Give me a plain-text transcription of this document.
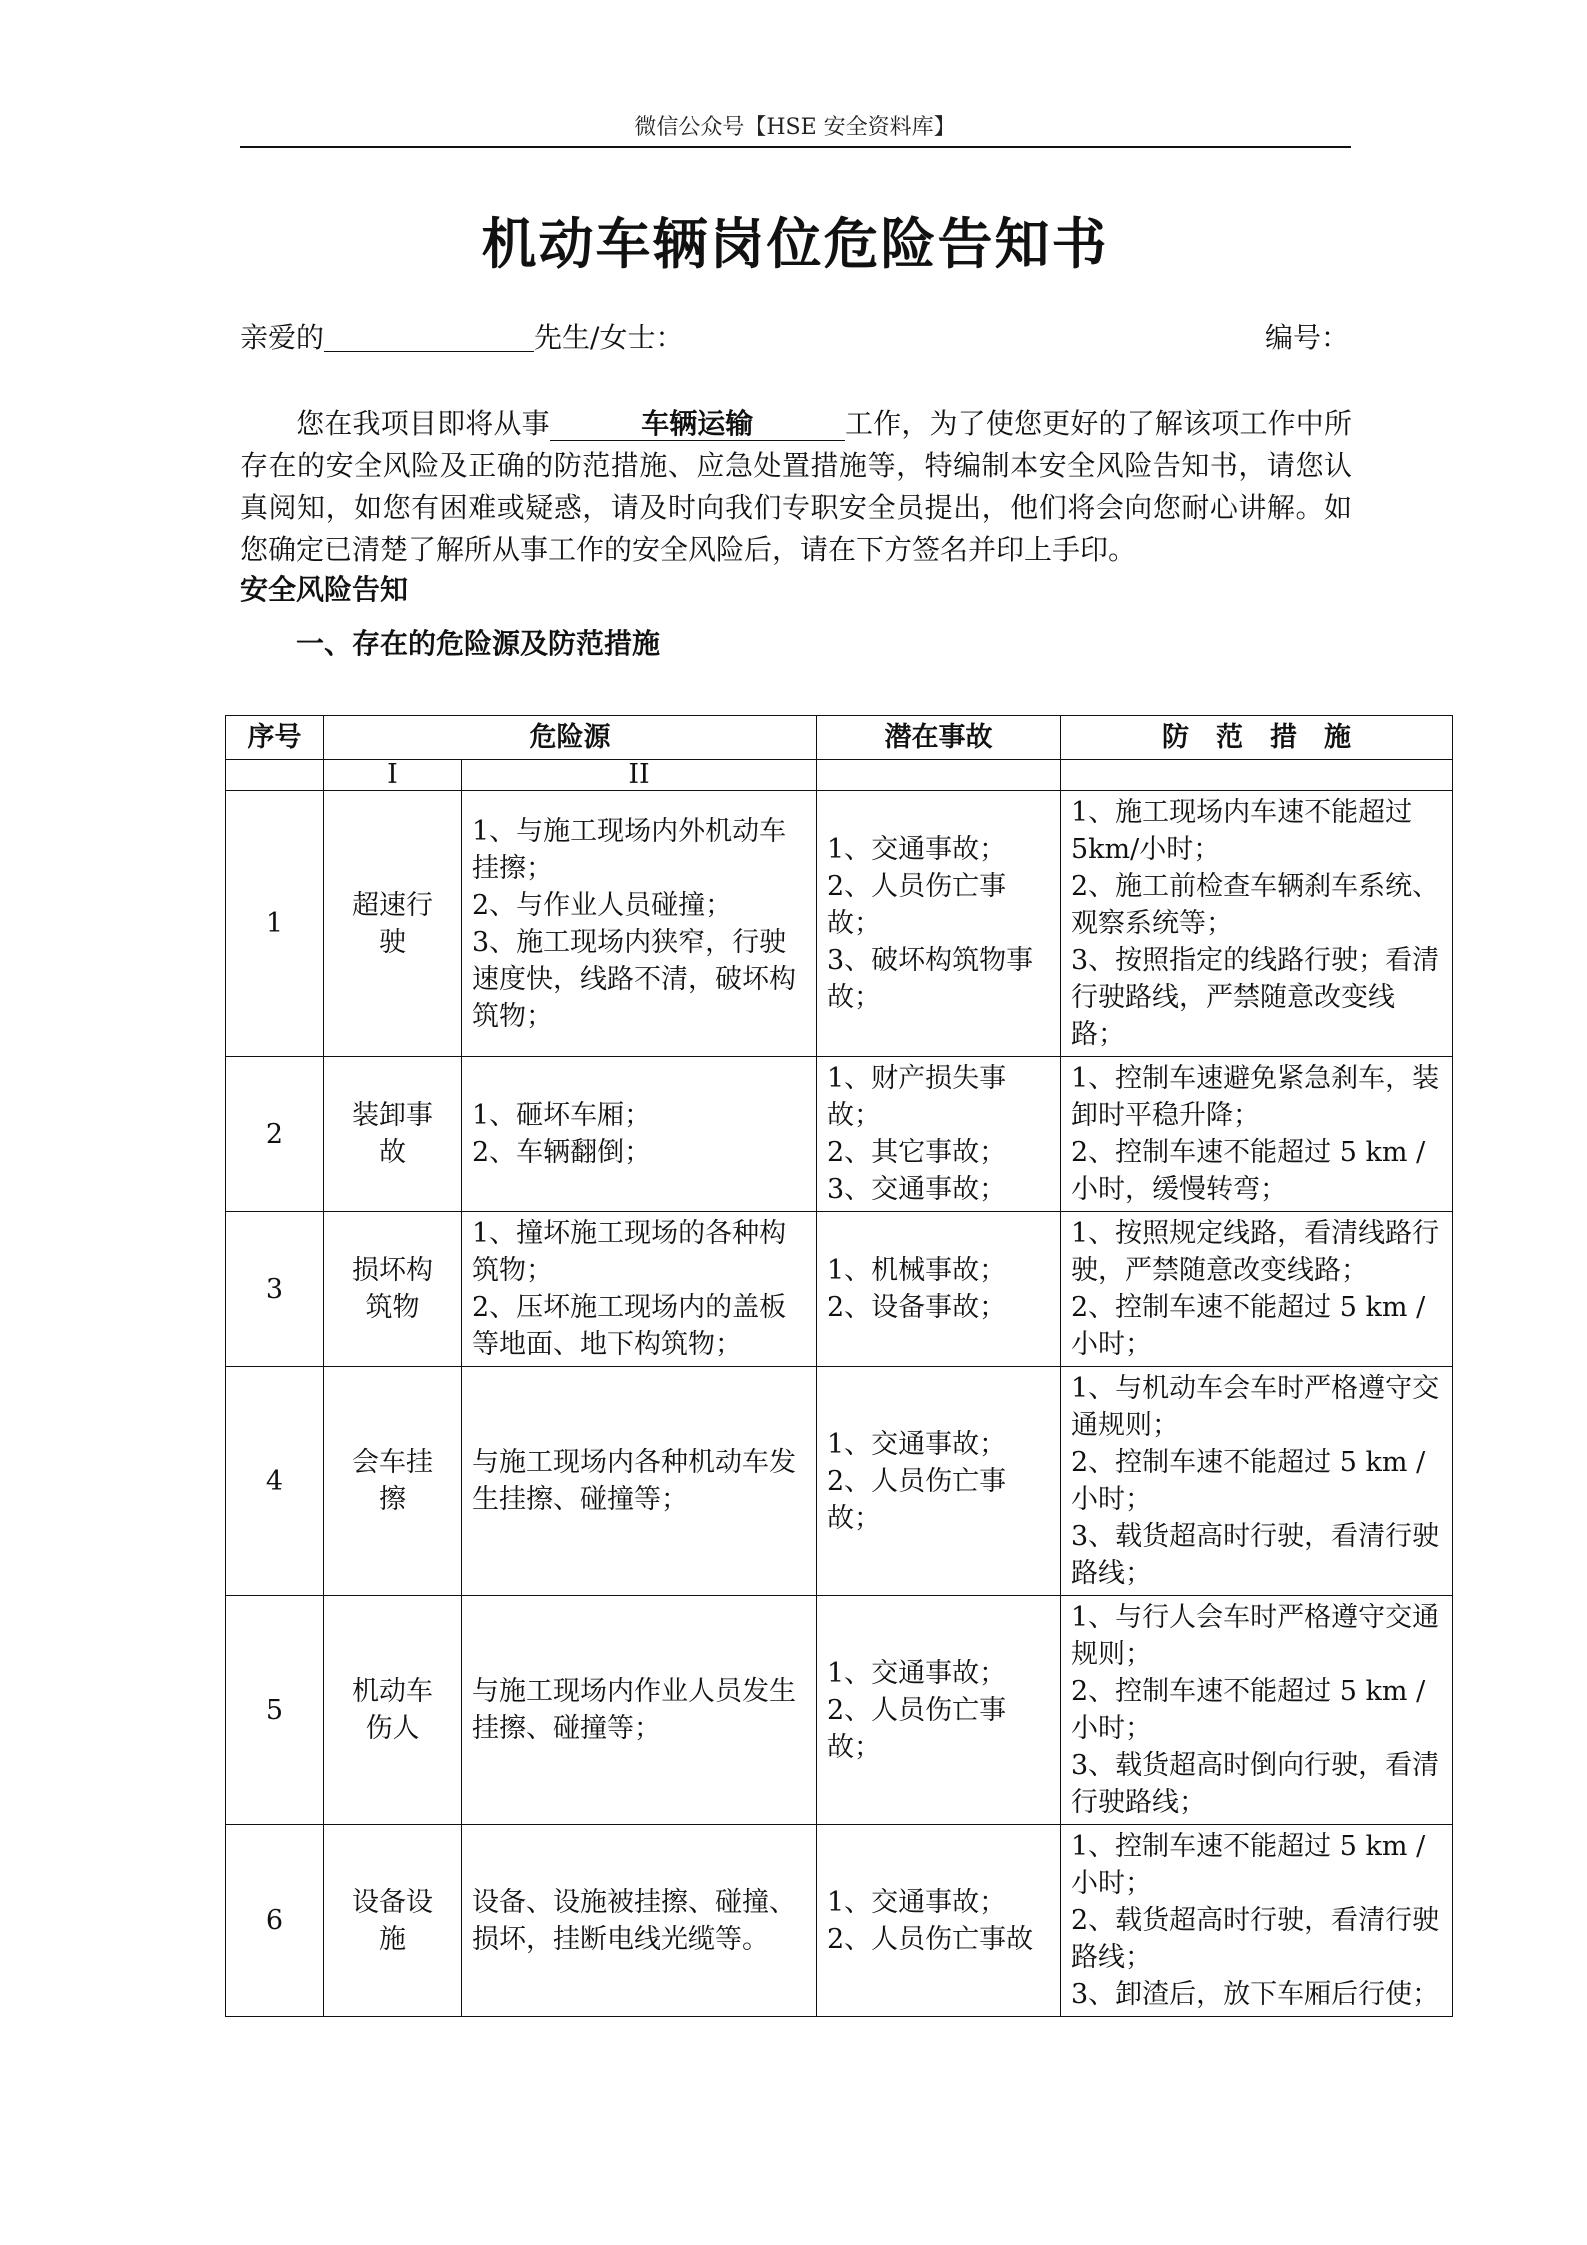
微信公众号【HSE 安全资料库】
机动车辆岗位危险告知书
亲爱的	先生/女士：	编号：
您在我项目即将从事	车辆运输	工作，为了使您更好的了解该项工作中所存在的安全风险及正确的防范措施、应急处置措施等，特编制本安全风险告知书，请您认真阅知，如您有困难或疑惑，请及时向我们专职安全员提出，他们将会向您耐心讲解。如您确定已清楚了解所从事工作的安全风险后，请在下方签名并印上手印。
安全风险告知
一、存在的危险源及防范措施
序号	危险源		潜在事故	防　范　措　施
	I	II		
1	超速行驶	1、与施工现场内外机动车挂擦；
2、与作业人员碰撞；
3、施工现场内狭窄，行驶速度快，线路不清，破坏构筑物；	1、交通事故；
2、人员伤亡事故；
3、破坏构筑物事故；	1、施工现场内车速不能超过5km/小时；
2、施工前检查车辆刹车系统、观察系统等；
3、按照指定的线路行驶；看清行驶路线，严禁随意改变线路；

2	装卸事故	1、砸坏车厢；
2、车辆翻倒；	1、财产损失事故；
2、其它事故；
3、交通事故；	1、控制车速避免紧急刹车，装卸时平稳升降；
2、控制车速不能超过 5 km / 小时，缓慢转弯；

3	损坏构筑物	1、撞坏施工现场的各种构筑物；
2、压坏施工现场内的盖板等地面、地下构筑物；	1、机械事故；
2、设备事故；	1、按照规定线路，看清线路行驶，严禁随意改变线路；
2、控制车速不能超过 5 km / 小时；

4	会车挂擦	与施工现场内各种机动车发生挂擦、碰撞等；	1、交通事故；
2、人员伤亡事故；	1、与机动车会车时严格遵守交通规则；
2、控制车速不能超过 5 km / 小时；
3、载货超高时行驶，看清行驶路线；

5	机动车伤人	与施工现场内作业人员发生挂擦、碰撞等；	1、交通事故；
2、人员伤亡事故；	1、与行人会车时严格遵守交通规则；
2、控制车速不能超过 5 km / 小时；
3、载货超高时倒向行驶，看清行驶路线；

6	设备设施	设备、设施被挂擦、碰撞、损坏，挂断电线光缆等。	1、交通事故；
2、人员伤亡事故	1、控制车速不能超过 5 km / 小时；
2、载货超高时行驶，看清行驶路线；
3、卸渣后，放下车厢后行使；
